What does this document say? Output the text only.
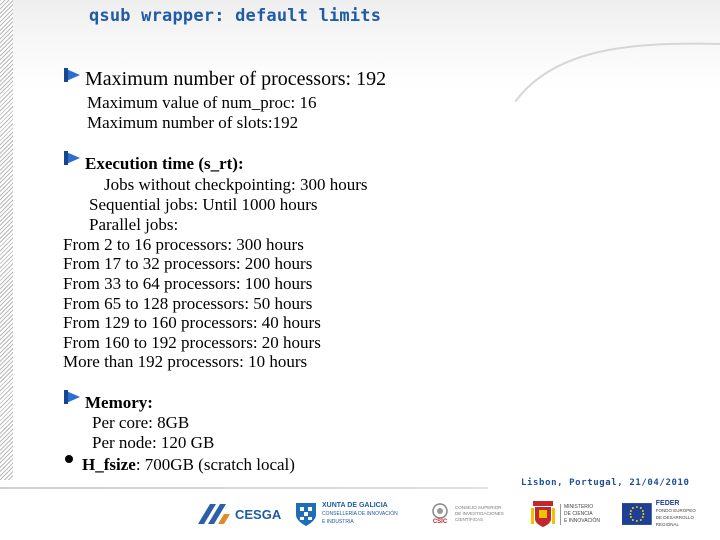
qsub wrapper: default limits
Maximum number of processors: 192
Maximum value of num_proc: 16
Maximum number of slots:192
Execution time (s_rt):
Jobs without checkpointing: 300 hours
Sequential jobs: Until 1000 hours
Parallel jobs:
From 2 to 16 processors: 300 hours
From 17 to 32 processors: 200 hours
From 33 to 64 processors: 100 hours
From 65 to 128 processors: 50 hours
From 129 to 160 processors: 40 hours
From 160 to 192 processors: 20 hours
More than 192 processors: 10 hours
Memory:
Per core: 8GB
Per node: 120 GB
H_fsize: 700GB (scratch local)
Lisbon, Portugal, 21/04/2010
CESGA
XUNTA DE GALICIA
CONSELLERÍA DE INNOVACIÓN
E INDUSTRIA	CSIC
CONSEJO SUPERIOR
DE INVESTIGACIONES
CIENTÍFICAS
MINISTERIO
DE CIENCIA
E INNOVACIÓN
FEDER
FONDO EUROPEO
DE DESARROLLO REGIONAL
